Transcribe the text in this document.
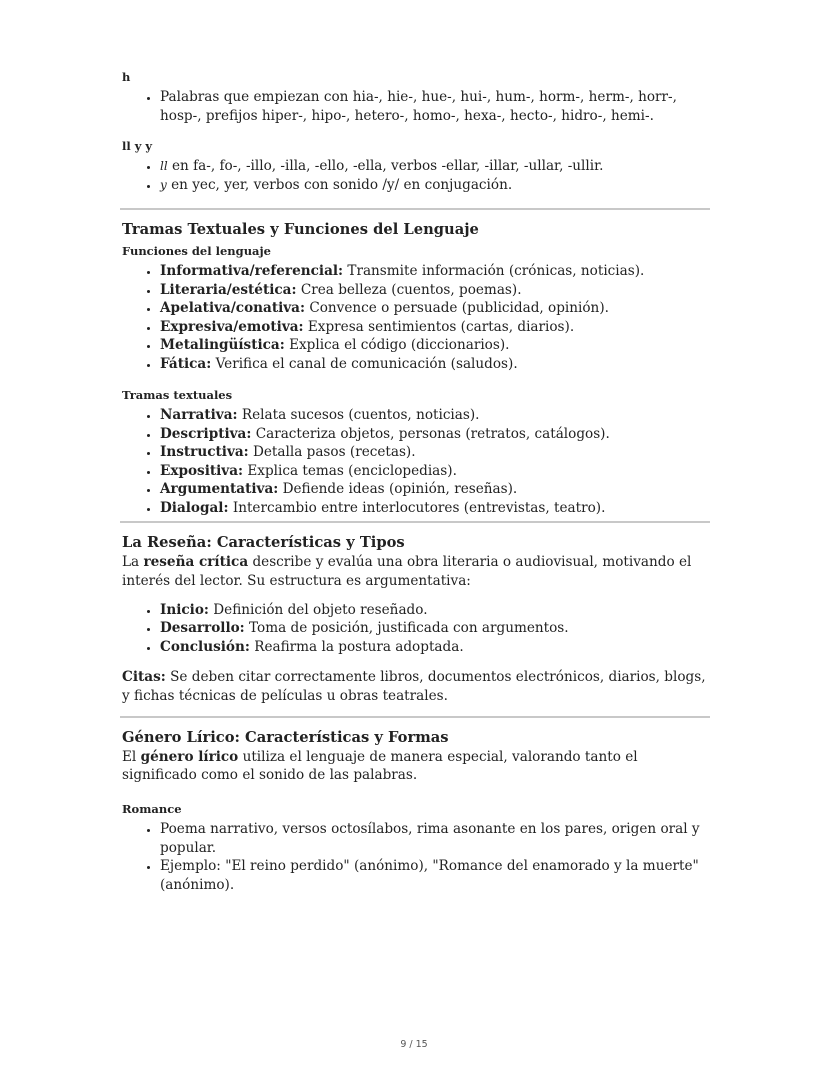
h
• Palabras que empiezan con hia-, hie-, hue-, hui-, hum-, horm-, herm-, horr-, hosp-, prefijos hiper-, hipo-, hetero-, homo-, hexa-, hecto-, hidro-, hemi-.
ll y y
• ll en fa-, fo-, -illo, -illa, -ello, -ella, verbos -ellar, -illar, -ullar, -ullir.
• y en yec, yer, verbos con sonido /y/ en conjugación.
Tramas Textuales y Funciones del Lenguaje
Funciones del lenguaje
• Informativa/referencial: Transmite información (crónicas, noticias).
• Literaria/estética: Crea belleza (cuentos, poemas).
• Apelativa/conativa: Convence o persuade (publicidad, opinión).
• Expresiva/emotiva: Expresa sentimientos (cartas, diarios).
• Metalingüística: Explica el código (diccionarios).
• Fática: Verifica el canal de comunicación (saludos).
Tramas textuales
• Narrativa: Relata sucesos (cuentos, noticias).
• Descriptiva: Caracteriza objetos, personas (retratos, catálogos).
• Instructiva: Detalla pasos (recetas).
• Expositiva: Explica temas (enciclopedias).
• Argumentativa: Defiende ideas (opinión, reseñas).
• Dialogal: Intercambio entre interlocutores (entrevistas, teatro).
La Reseña: Características y Tipos

La reseña crítica describe y evalúa una obra literaria o audiovisual, motivando el interés del lector. Su estructura es argumentativa:

• Inicio: Definición del objeto reseñado.
• Desarrollo: Toma de posición, justificada con argumentos.
• Conclusión: Reafirma la postura adoptada.

Citas: Se deben citar correctamente libros, documentos electrónicos, diarios, blogs, y fichas técnicas de películas u obras teatrales.

Género Lírico: Características y Formas

El género lírico utiliza el lenguaje de manera especial, valorando tanto el significado como el sonido de las palabras.

Romance
• Poema narrativo, versos octosílabos, rima asonante en los pares, origen oral y popular.
• Ejemplo: "El reino perdido" (anónimo), "Romance del enamorado y la muerte" (anónimo).
9 / 15
